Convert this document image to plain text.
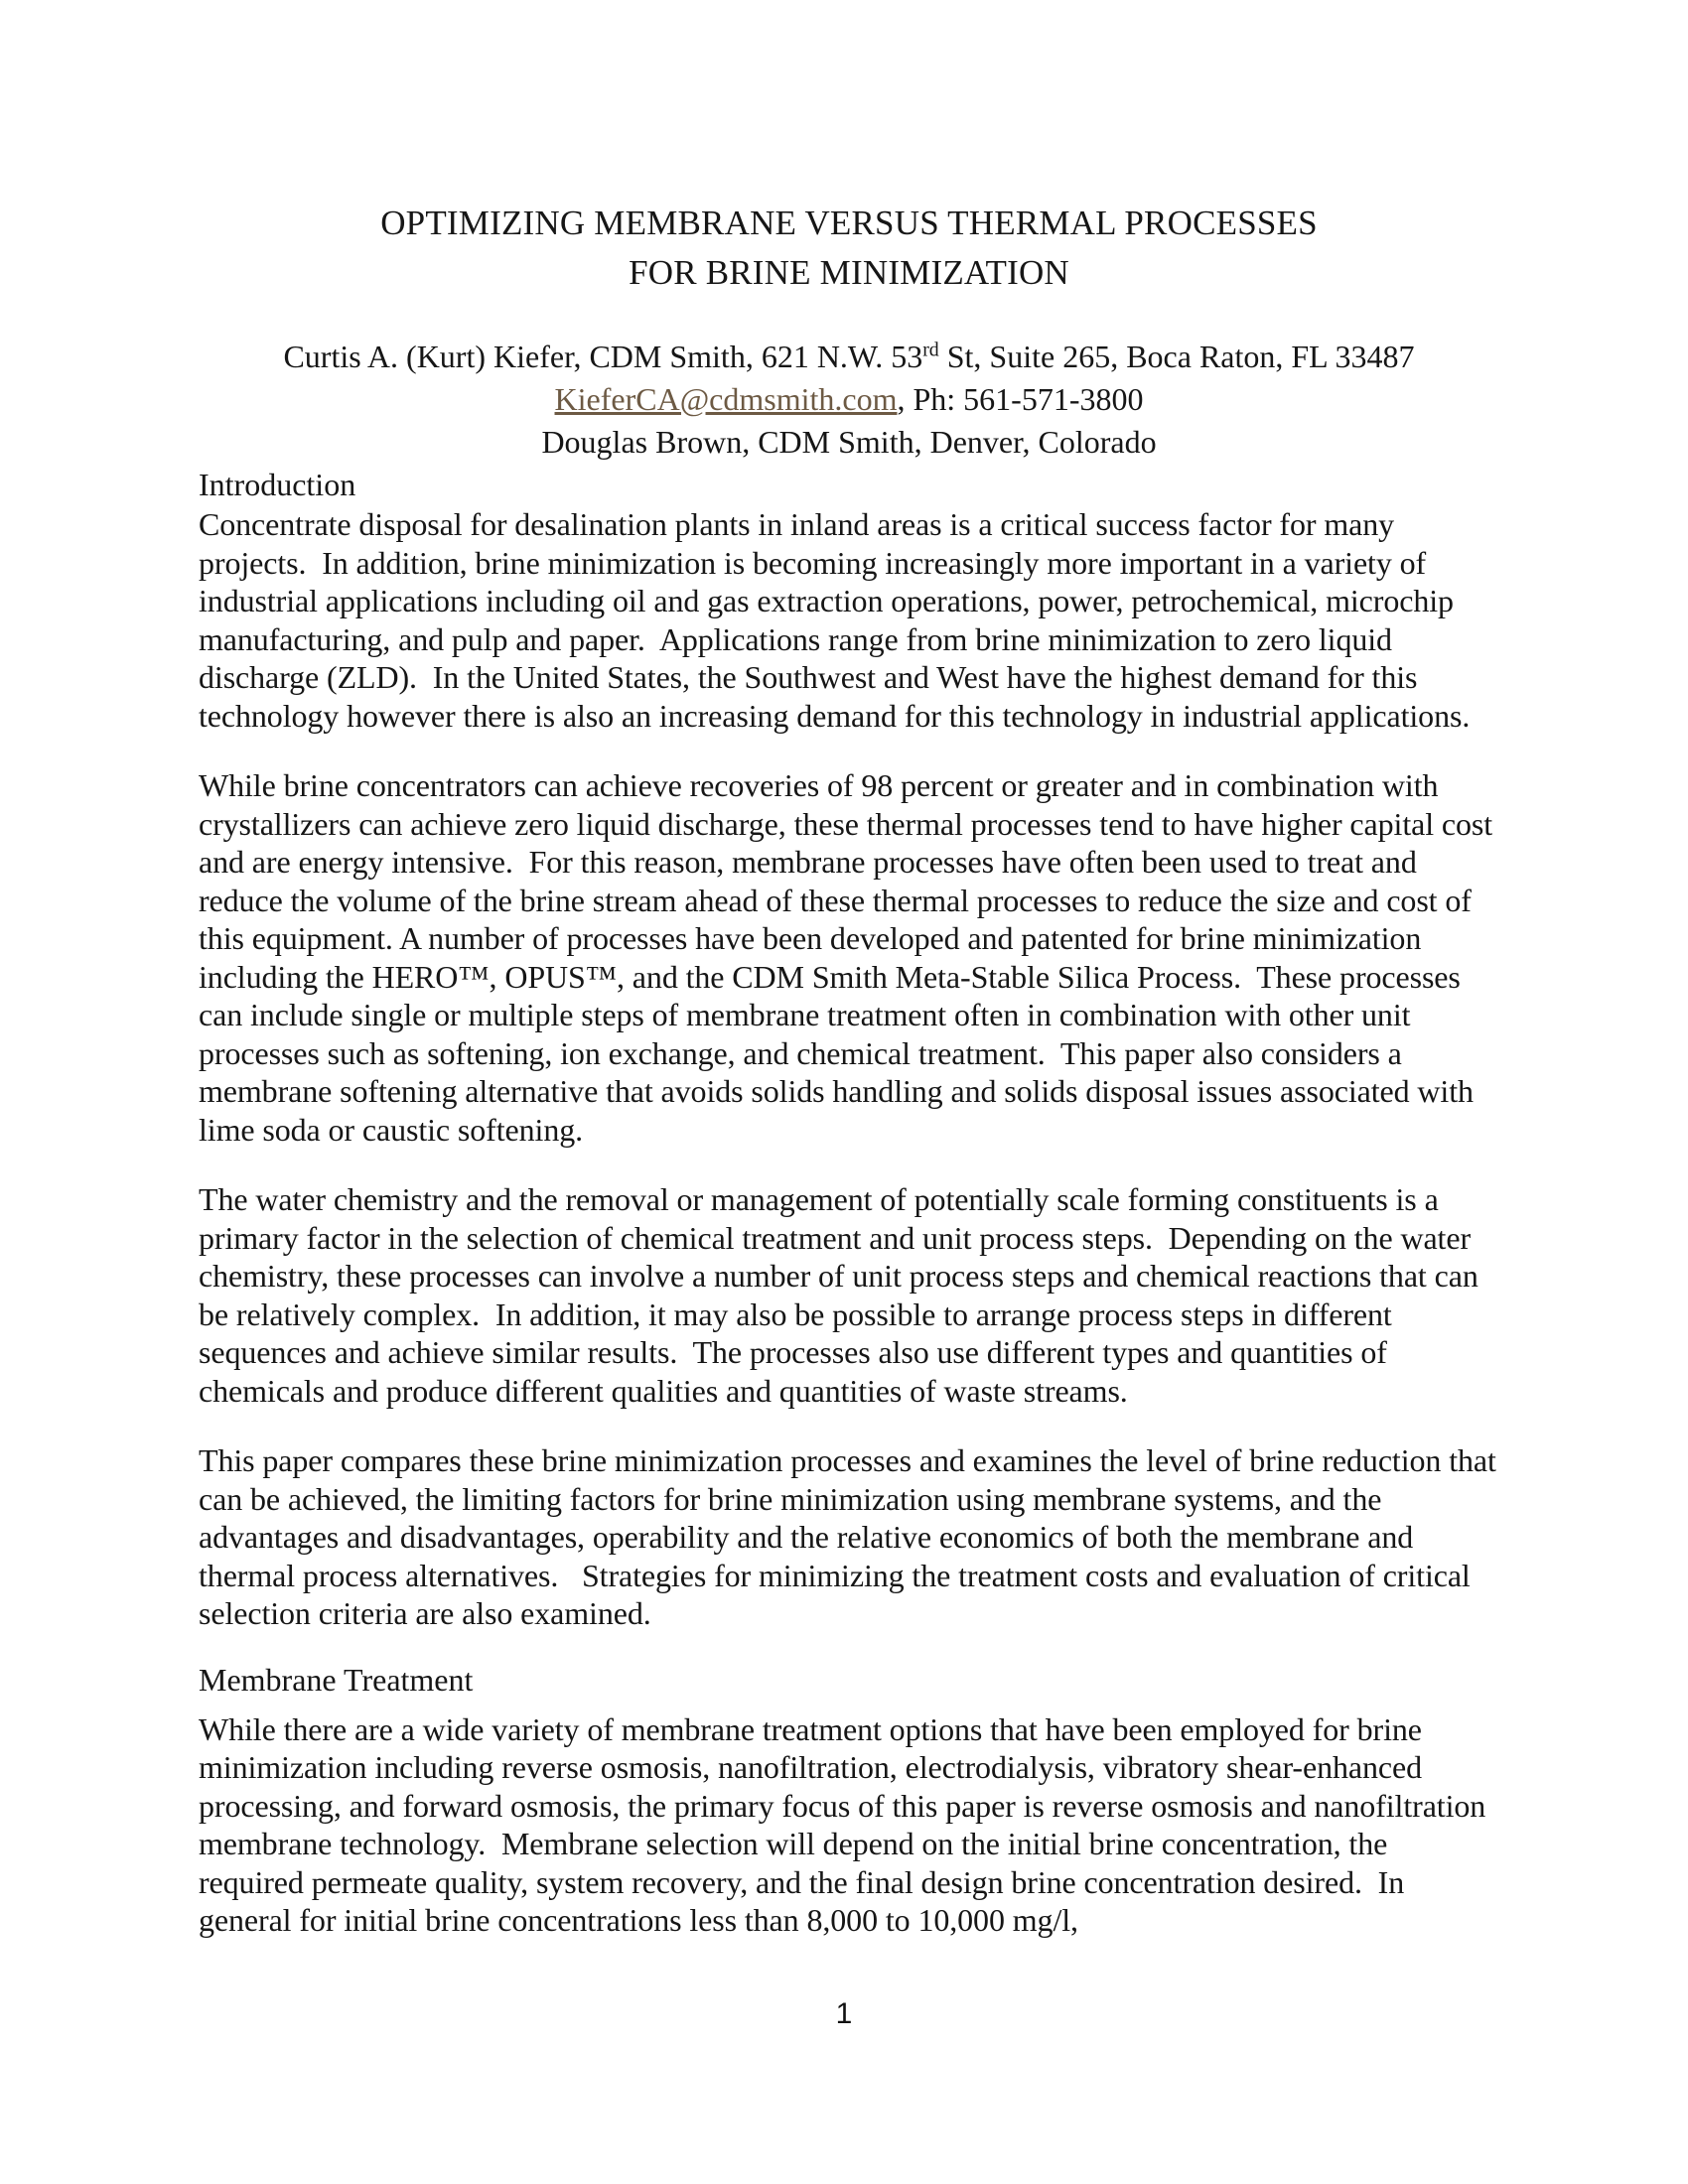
OPTIMIZING MEMBRANE VERSUS THERMAL PROCESSES
FOR BRINE MINIMIZATION
Curtis A. (Kurt) Kiefer, CDM Smith, 621 N.W. 53rd St, Suite 265, Boca Raton, FL 33487
KieferCA@cdmsmith.com, Ph: 561-571-3800
Douglas Brown, CDM Smith, Denver, Colorado
Introduction
Concentrate disposal for desalination plants in inland areas is a critical success factor for many projects.  In addition, brine minimization is becoming increasingly more important in a variety of industrial applications including oil and gas extraction operations, power, petrochemical, microchip manufacturing, and pulp and paper.  Applications range from brine minimization to zero liquid discharge (ZLD).  In the United States, the Southwest and West have the highest demand for this technology however there is also an increasing demand for this technology in industrial applications.
While brine concentrators can achieve recoveries of 98 percent or greater and in combination with crystallizers can achieve zero liquid discharge, these thermal processes tend to have higher capital cost and are energy intensive.  For this reason, membrane processes have often been used to treat and reduce the volume of the brine stream ahead of these thermal processes to reduce the size and cost of this equipment. A number of processes have been developed and patented for brine minimization including the HERO™, OPUS™, and the CDM Smith Meta-Stable Silica Process.  These processes can include single or multiple steps of membrane treatment often in combination with other unit processes such as softening, ion exchange, and chemical treatment.  This paper also considers a membrane softening alternative that avoids solids handling and solids disposal issues associated with lime soda or caustic softening.
The water chemistry and the removal or management of potentially scale forming constituents is a primary factor in the selection of chemical treatment and unit process steps.  Depending on the water chemistry, these processes can involve a number of unit process steps and chemical reactions that can be relatively complex.  In addition, it may also be possible to arrange process steps in different sequences and achieve similar results.  The processes also use different types and quantities of chemicals and produce different qualities and quantities of waste streams.
This paper compares these brine minimization processes and examines the level of brine reduction that can be achieved, the limiting factors for brine minimization using membrane systems, and the advantages and disadvantages, operability and the relative economics of both the membrane and thermal process alternatives.   Strategies for minimizing the treatment costs and evaluation of critical selection criteria are also examined.
Membrane Treatment
While there are a wide variety of membrane treatment options that have been employed for brine minimization including reverse osmosis, nanofiltration, electrodialysis, vibratory shear-enhanced processing, and forward osmosis, the primary focus of this paper is reverse osmosis and nanofiltration membrane technology.  Membrane selection will depend on the initial brine concentration, the required permeate quality, system recovery, and the final design brine concentration desired.  In general for initial brine concentrations less than 8,000 to 10,000 mg/l,
1
